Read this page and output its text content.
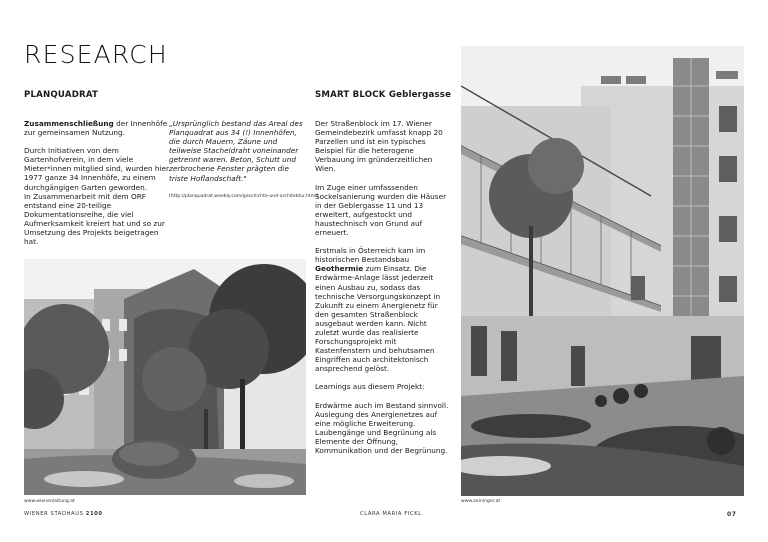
RESEARCH
PLANQUADRAT

Zusammenschließung der Innenhöfe zur gemeinsamen Nutzung.

Durch Initiativen von dem Gartenhofverein, in dem viele Mieter*innen mitglied sind, wurden hier 1977 ganze 34 Innenhöfe, zu einem durchgängigen Garten geworden.

In Zusammenarbeit mit dem ORF entstand eine 20-teilige Dokumentationsreihe, die viel Aufmerksamkeit kreiert hat und so zur Umsetzung des Projekts beigetragen hat.

„Ursprünglich bestand das Areal des Planquadrat aus 34 (!) Innenhöfen, die durch Mauern, Zäune und teilweise Stacheldraht voneinander getrennt waren. Beton, Schutt und zerbrochene Fenster prägten die triste Hoflandschaft."
[http://planquadrat.weebly.com/geschichte-und-architektur.html]
www.wienerzeitung.at
SMART BLOCK Geblergasse

Der Straßenblock im 17. Wiener Gemeindebezirk umfasst knapp 20 Parzellen und ist ein typisches Beispiel für die heterogene Verbauung im gründerzeitlichen Wien.

Im Zuge einer umfassenden Sockelsanierung wurden die Häuser in der Geblergasse 11 und 13 erweitert, aufgestockt und haustechnisch von Grund auf erneuert.

Erstmals in Österreich kam im historischen Bestandsbau Geothermie zum Einsatz. Die Erdwärme-Anlage lässt jederzeit einen Ausbau zu, sodass das technische Versorgungskonzept in Zukunft zu einem Anergienetz für den gesamten Straßenblock ausgebaut werden kann. Nicht zuletzt wurde das realisierte Forschungsprojekt mit Kastenfenstern und behutsamen Eingriffen auch architektonisch ansprechend gelöst.

Learnings aus diesem Projekt:

Erdwärme auch im Bestand sinnvoll. Auslegung des Anergienetzes auf eine mögliche Erweiterung. Laubengänge und Begrünung als Elemente der Öffnung, Kommunikation und der Begrünung.

www.zeininger.at
WIENER STADHAUS 2100	CLARA MARIA FICKL	07
